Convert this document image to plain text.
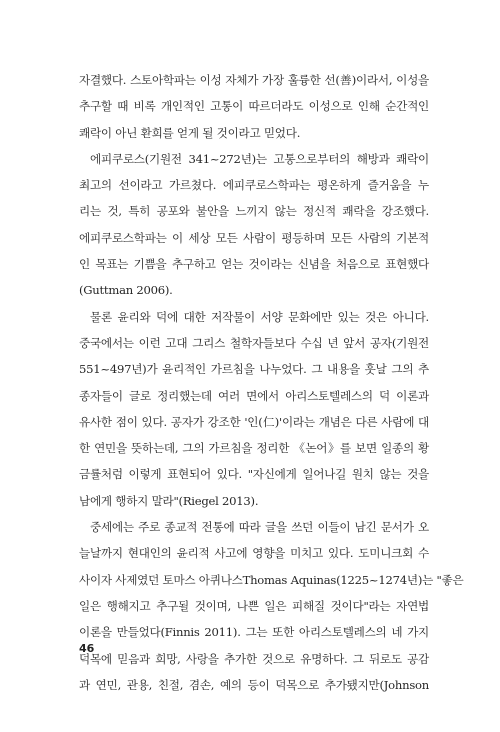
자결했다. 스토아학파는 이성 자체가 가장 훌륭한 선(善)이라서, 이성을
추구할 때 비록 개인적인 고통이 따르더라도 이성으로 인해 순간적인
쾌락이 아닌 환희를 얻게 될 것이라고 믿었다.

에피쿠로스(기원전 341~272년)는 고통으로부터의 해방과 쾌락이
최고의 선이라고 가르쳤다. 에피쿠로스학파는 평온하게 즐거움을 누
리는 것, 특히 공포와 불안을 느끼지 않는 정신적 쾌락을 강조했다.
에피쿠로스학파는 이 세상 모든 사람이 평등하며 모든 사람의 기본적
인 목표는 기쁨을 추구하고 얻는 것이라는 신념을 처음으로 표현했다
(Guttman 2006).

물론 윤리와 덕에 대한 저작물이 서양 문화에만 있는 것은 아니다.
중국에서는 이런 고대 그리스 철학자들보다 수십 년 앞서 공자(기원전
551~497년)가 윤리적인 가르침을 나누었다. 그 내용을 훗날 그의 추
종자들이 글로 정리했는데 여러 면에서 아리스토텔레스의 덕 이론과
유사한 점이 있다. 공자가 강조한 '인(仁)'이라는 개념은 다른 사람에 대
한 연민을 뜻하는데, 그의 가르침을 정리한 《논어》를 보면 일종의 황
금률처럼 이렇게 표현되어 있다. "자신에게 일어나길 원치 않는 것을
남에게 행하지 말라"(Riegel 2013).

중세에는 주로 종교적 전통에 따라 글을 쓰던 이들이 남긴 문서가 오
늘날까지 현대인의 윤리적 사고에 영향을 미치고 있다. 도미니크회 수
사이자 사제였던 토마스 아퀴나스Thomas Aquinas(1225~1274년)는 "좋은
일은 행해지고 추구될 것이며, 나쁜 일은 피해질 것이다"라는 자연법
이론을 만들었다(Finnis 2011). 그는 또한 아리스토텔레스의 네 가지
덕목에 믿음과 희망, 사랑을 추가한 것으로 유명하다. 그 뒤로도 공감
과 연민, 관용, 친절, 겸손, 예의 등이 덕목으로 추가됐지만(Johnson

46
